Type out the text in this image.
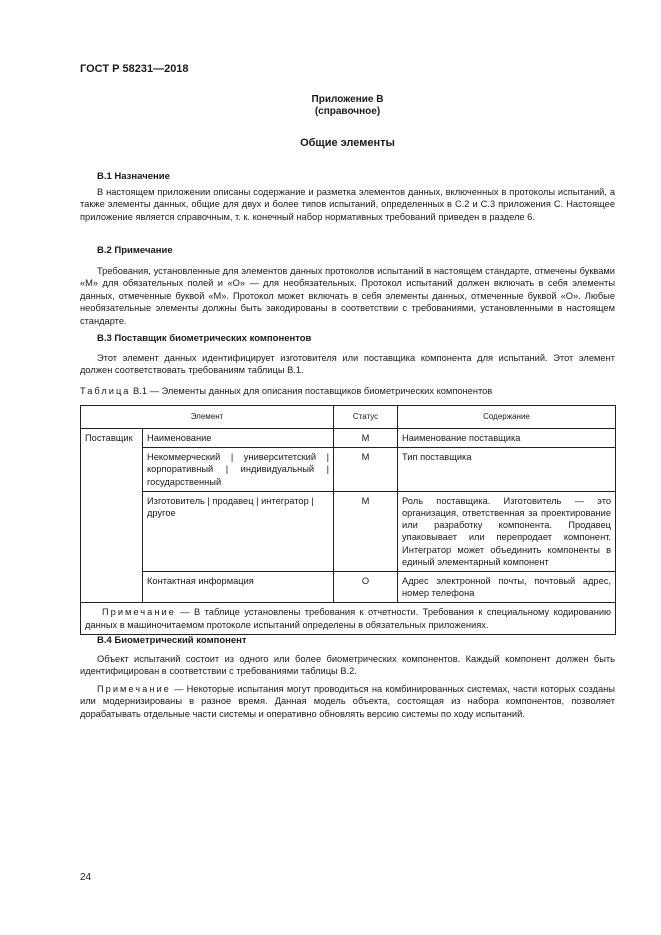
ГОСТ Р 58231—2018
Приложение В
(справочное)
Общие элементы
В.1 Назначение
В настоящем приложении описаны содержание и разметка элементов данных, включенных в протоколы испытаний, а также элементы данных, общие для двух и более типов испытаний, определенных в С.2 и С.3 приложения С. Настоящее приложение является справочным, т. к. конечный набор нормативных требований приведен в разделе 6.
В.2 Примечание
Требования, установленные для элементов данных протоколов испытаний в настоящем стандарте, отмечены буквами «М» для обязательных полей и «О» — для необязательных. Протокол испытаний должен включать в себя элементы данных, отмеченные буквой «М». Протокол может включать в себя элементы данных, отмеченные буквой «О». Любые необязательные элементы должны быть закодированы в соответствии с требованиями, установленными в настоящем стандарте.
В.3 Поставщик биометрических компонентов
Этот элемент данных идентифицирует изготовителя или поставщика компонента для испытаний. Этот элемент должен соответствовать требованиям таблицы В.1.
Таблица В.1 — Элементы данных для описания поставщиков биометрических компонентов
Элемент		Статус	Содержание
Поставщик	Наименование	М	Наименование поставщика
	Некоммерческий | университетский | корпоративный | индивидуальный | государственный	М	Тип поставщика
	Изготовитель | продавец | интегратор | другое	М	Роль поставщика. Изготовитель — это организация, ответственная за проектирование или разработку компонента. Продавец упаковывает или перепродает компонент. Интегратор может объединить компоненты в единый элементарный компонент
	Контактная информация	О	Адрес электронной почты, почтовый адрес, номер телефона
Примечание — В таблице установлены требования к отчетности. Требования к специальному кодированию данных в машиночитаемом протоколе испытаний определены в обязательных приложениях.			
В.4 Биометрический компонент
Объект испытаний состоит из одного или более биометрических компонентов. Каждый компонент должен быть идентифицирован в соответствии с требованиями таблицы В.2.
Примечание — Некоторые испытания могут проводиться на комбинированных системах, части которых созданы или модернизированы в разное время. Данная модель объекта, состоящая из набора компонентов, позволяет дорабатывать отдельные части системы и оперативно обновлять версию системы по ходу испытаний.
24
